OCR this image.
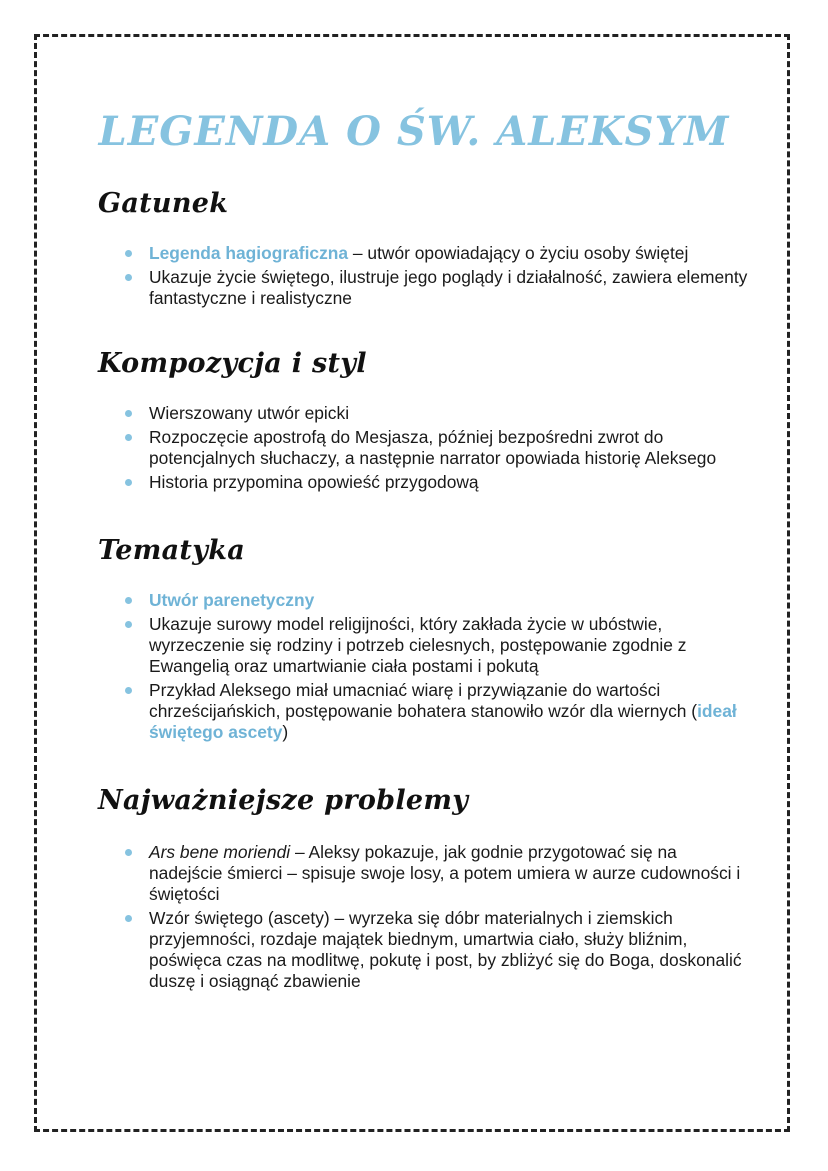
LEGENDA O ŚW. ALEKSYM
Gatunek
Legenda hagiograficzna – utwór opowiadający o życiu osoby świętej
Ukazuje życie świętego, ilustruje jego poglądy i działalność, zawiera elementy fantastyczne i realistyczne
Kompozycja i styl
Wierszowany utwór epicki
Rozpoczęcie apostrofą do Mesjasza, później bezpośredni zwrot do potencjalnych słuchaczy, a następnie narrator opowiada historię Aleksego
Historia przypomina opowieść przygodową
Tematyka
Utwór parenetyczny
Ukazuje surowy model religijności, który zakłada życie w ubóstwie, wyrzeczenie się rodziny i potrzeb cielesnych, postępowanie zgodnie z Ewangelią oraz umartwianie ciała postami i pokutą
Przykład Aleksego miał umacniać wiarę i przywiązanie do wartości chrześcijańskich, postępowanie bohatera stanowiło wzór dla wiernych (ideał świętego ascety)
Najważniejsze problemy
Ars bene moriendi – Aleksy pokazuje, jak godnie przygotować się na nadejście śmierci – spisuje swoje losy, a potem umiera w aurze cudowności i świętości
Wzór świętego (ascety) – wyrzeka się dóbr materialnych i ziemskich przyjemności, rozdaje majątek biednym, umartwia ciało, służy bliźnim, poświęca czas na modlitwę, pokutę i post, by zbliżyć się do Boga, doskonalić duszę i osiągnąć zbawienie
